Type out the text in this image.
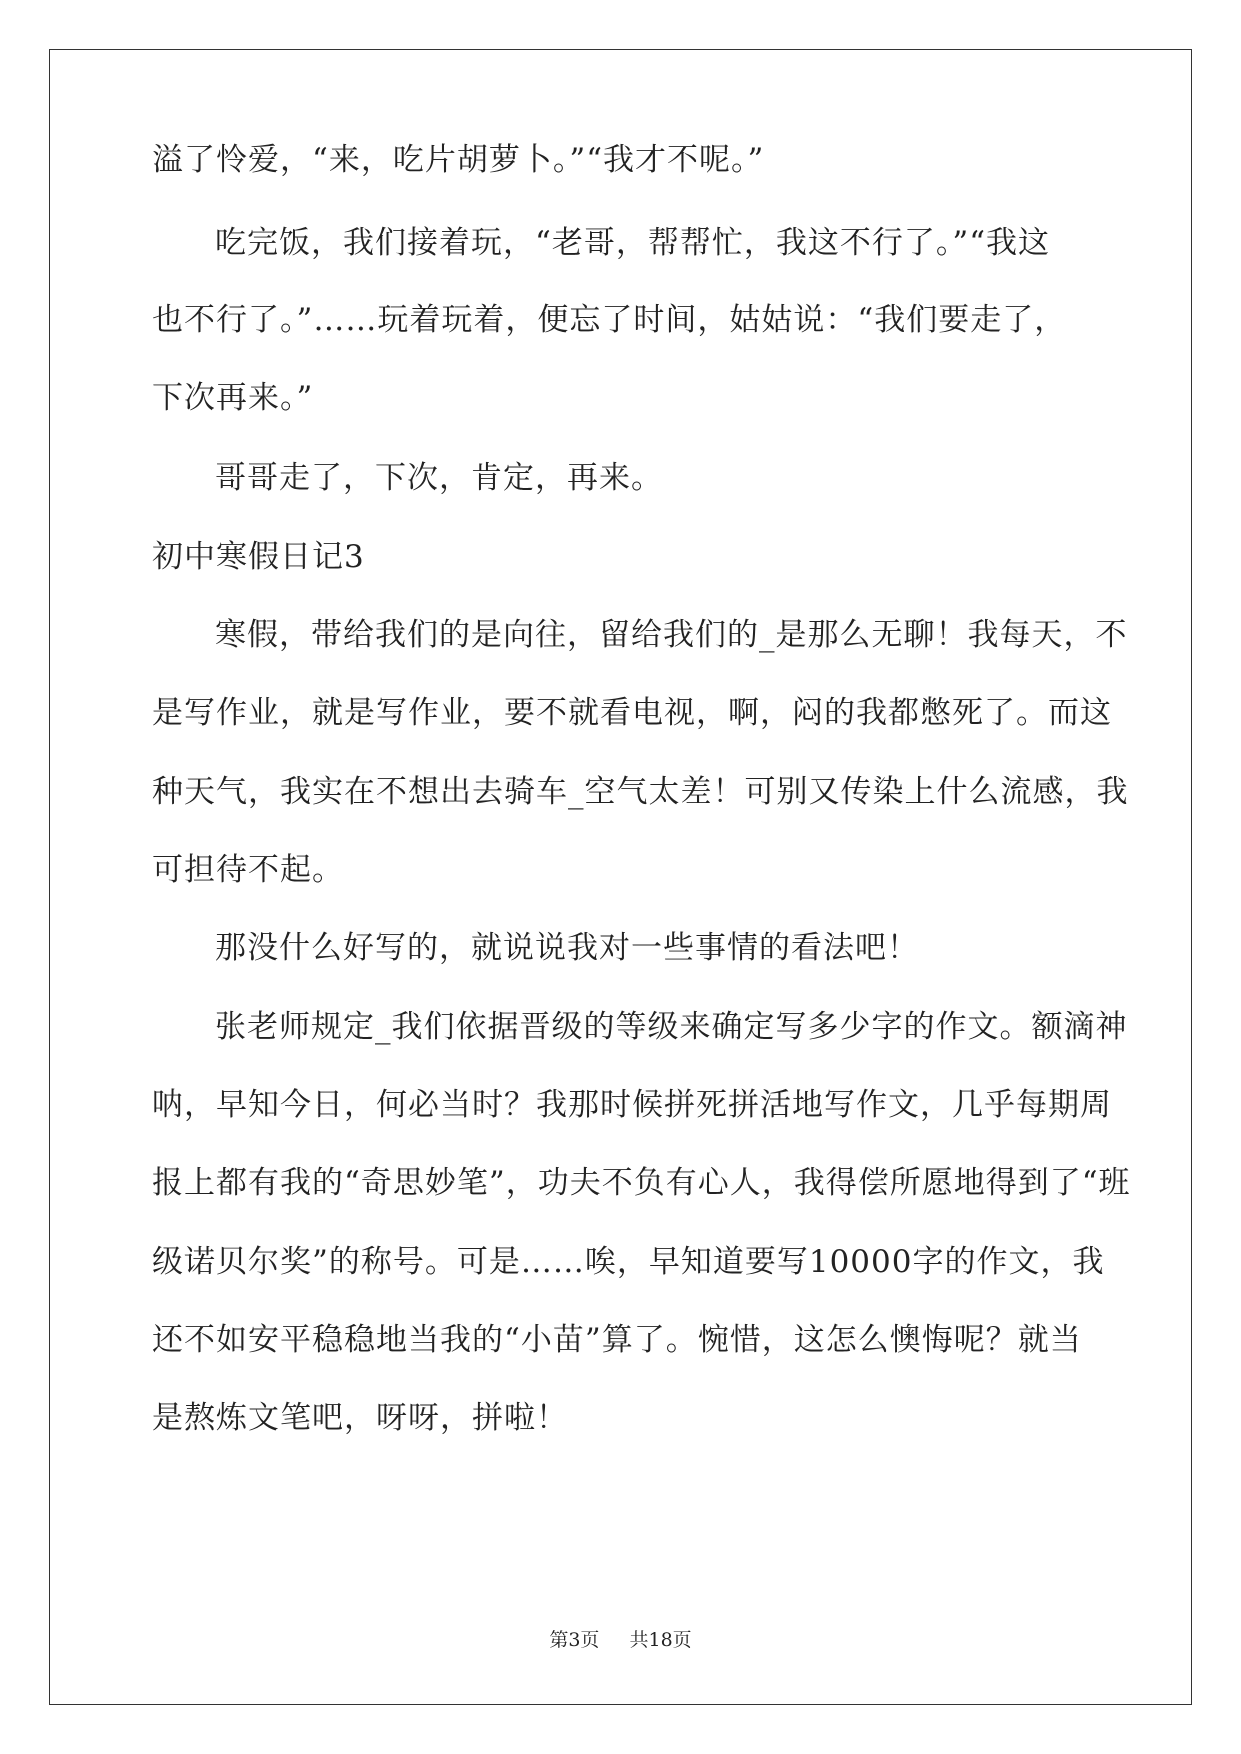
溢了怜爱，“来，吃片胡萝卜。”“我才不呢。”
吃完饭，我们接着玩，“老哥，帮帮忙，我这不行了。”“我这
也不行了。”……玩着玩着，便忘了时间，姑姑说：“我们要走了，
下次再来。”
哥哥走了，下次，肯定，再来。
初中寒假日记3
寒假，带给我们的是向往，留给我们的_是那么无聊！我每天，不
是写作业，就是写作业，要不就看电视，啊，闷的我都憋死了。而这
种天气，我实在不想出去骑车_空气太差！可别又传染上什么流感，我
可担待不起。
那没什么好写的，就说说我对一些事情的看法吧！
张老师规定_我们依据晋级的等级来确定写多少字的作文。额滴神
呐，早知今日，何必当时？我那时候拼死拼活地写作文，几乎每期周
报上都有我的“奇思妙笔”，功夫不负有心人，我得偿所愿地得到了“班
级诺贝尔奖”的称号。可是……唉，早知道要写10000字的作文，我
还不如安平稳稳地当我的“小苗”算了。惋惜，这怎么懊悔呢？就当
是熬炼文笔吧，呀呀，拼啦！
第3页 共18页
